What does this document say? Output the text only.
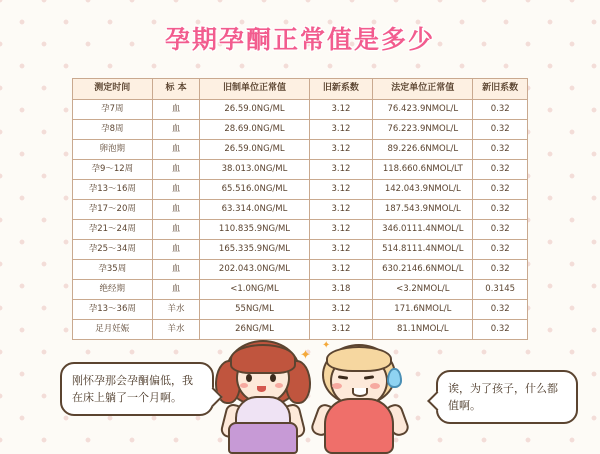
孕期孕酮正常值是多少
测定时间	标 本	旧制单位正常值	旧新系数	法定单位正常值	新旧系数
孕7周	血	26.59.0NG/ML	3.12	76.423.9NMOL/L	0.32
孕8周	血	28.69.0NG/ML	3.12	76.223.9NMOL/L	0.32
卵泡期	血	26.59.0NG/ML	3.12	89.226.6NMOL/L	0.32
孕9～12周	血	38.013.0NG/ML	3.12	118.660.6NMOL/LT	0.32
孕13～16周	血	65.516.0NG/ML	3.12	142.043.9NMOL/L	0.32
孕17～20周	血	63.314.0NG/ML	3.12	187.543.9NMOL/L	0.32
孕21～24周	血	110.835.9NG/ML	3.12	346.0111.4NMOL/L	0.32
孕25～34周	血	165.335.9NG/ML	3.12	514.8111.4NMOL/L	0.32
孕35周	血	202.043.0NG/ML	3.12	630.2146.6NMOL/L	0.32
绝经期	血	<1.0NG/ML	3.18	<3.2NMOL/L	0.3145
孕13～36周	羊水	55NG/ML	3.12	171.6NMOL/L	0.32
足月妊娠	羊水	26NG/ML	3.12	81.1NMOL/L	0.32
✦
✦
刚怀孕那会孕酮偏低，我在床上躺了一个月啊。
诶，为了孩子，什么都值啊。
